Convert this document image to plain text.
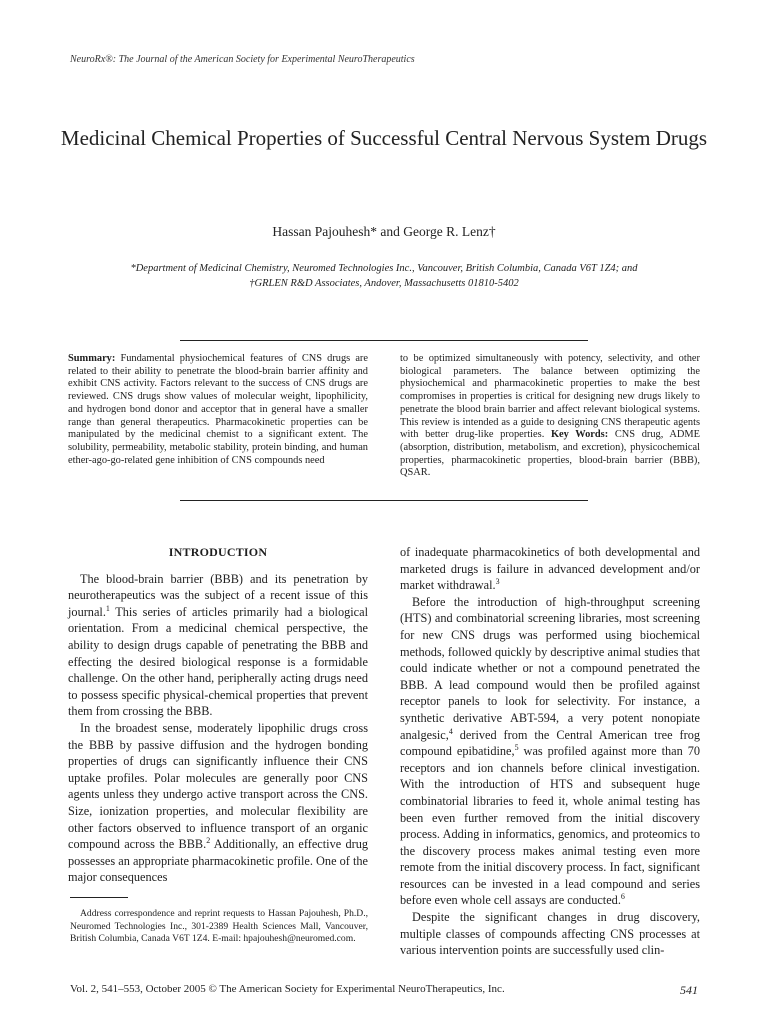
NeuroRx®: The Journal of the American Society for Experimental NeuroTherapeutics
Medicinal Chemical Properties of Successful Central Nervous System Drugs
Hassan Pajouhesh* and George R. Lenz†
*Department of Medicinal Chemistry, Neuromed Technologies Inc., Vancouver, British Columbia, Canada V6T 1Z4; and
†GRLEN R&D Associates, Andover, Massachusetts 01810-5402

Summary: Fundamental physiochemical features of CNS drugs are related to their ability to penetrate the blood-brain barrier affinity and exhibit CNS activity. Factors relevant to the success of CNS drugs are reviewed. CNS drugs show values of molecular weight, lipophilicity, and hydrogen bond donor and acceptor that in general have a smaller range than general therapeutics. Pharmacokinetic properties can be manipulated by the medicinal chemist to a significant extent. The solubility, permeability, metabolic stability, protein binding, and human ether-ago-go-related gene inhibition of CNS compounds need

to be optimized simultaneously with potency, selectivity, and other biological parameters. The balance between optimizing the physiochemical and pharmacokinetic properties to make the best compromises in properties is critical for designing new drugs likely to penetrate the blood brain barrier and affect relevant biological systems. This review is intended as a guide to designing CNS therapeutic agents with better drug-like properties. Key Words: CNS drug, ADME (absorption, distribution, metabolism, and excretion), physicochemical properties, pharmacokinetic properties, blood-brain barrier (BBB), QSAR.

INTRODUCTION

The blood-brain barrier (BBB) and its penetration by neurotherapeutics was the subject of a recent issue of this journal.$^1$ This series of articles primarily had a biological orientation. From a medicinal chemical perspective, the ability to design drugs capable of penetrating the BBB and effecting the desired biological response is a formidable challenge. On the other hand, peripherally acting drugs need to possess specific physical-chemical properties that prevent them from crossing the BBB.

In the broadest sense, moderately lipophilic drugs cross the BBB by passive diffusion and the hydrogen bonding properties of drugs can significantly influence their CNS uptake profiles. Polar molecules are generally poor CNS agents unless they undergo active transport across the CNS. Size, ionization properties, and molecular flexibility are other factors observed to influence transport of an organic compound across the BBB.$^2$ Additionally, an effective drug possesses an appropriate pharmacokinetic profile. One of the major consequences

of inadequate pharmacokinetics of both developmental and marketed drugs is failure in advanced development and/or market withdrawal.$^3$

Before the introduction of high-throughput screening (HTS) and combinatorial screening libraries, most screening for new CNS drugs was performed using biochemical methods, followed quickly by descriptive animal studies that could indicate whether or not a compound penetrated the BBB. A lead compound would then be profiled against receptor panels to look for selectivity. For instance, a synthetic derivative ABT-594, a very potent nonopiate analgesic,$^4$ derived from the Central American tree frog compound epibatidine,$^5$ was profiled against more than 70 receptors and ion channels before clinical investigation. With the introduction of HTS and subsequent huge combinatorial libraries to feed it, whole animal testing has been even further removed from the initial discovery process. Adding in informatics, genomics, and proteomics to the discovery process makes animal testing even more remote from the initial discovery process. In fact, significant resources can be invested in a lead compound and series before even whole cell assays are conducted.$^6$

Despite the significant changes in drug discovery, multiple classes of compounds affecting CNS processes at various intervention points are successfully used clin-

Address correspondence and reprint requests to Hassan Pajouhesh, Ph.D., Neuromed Technologies Inc., 301-2389 Health Sciences Mall, Vancouver, British Columbia, Canada V6T 1Z4. E-mail: hpajouhesh@neuromed.com.
Vol. 2, 541–553, October 2005 © The American Society for Experimental NeuroTherapeutics, Inc.	541
